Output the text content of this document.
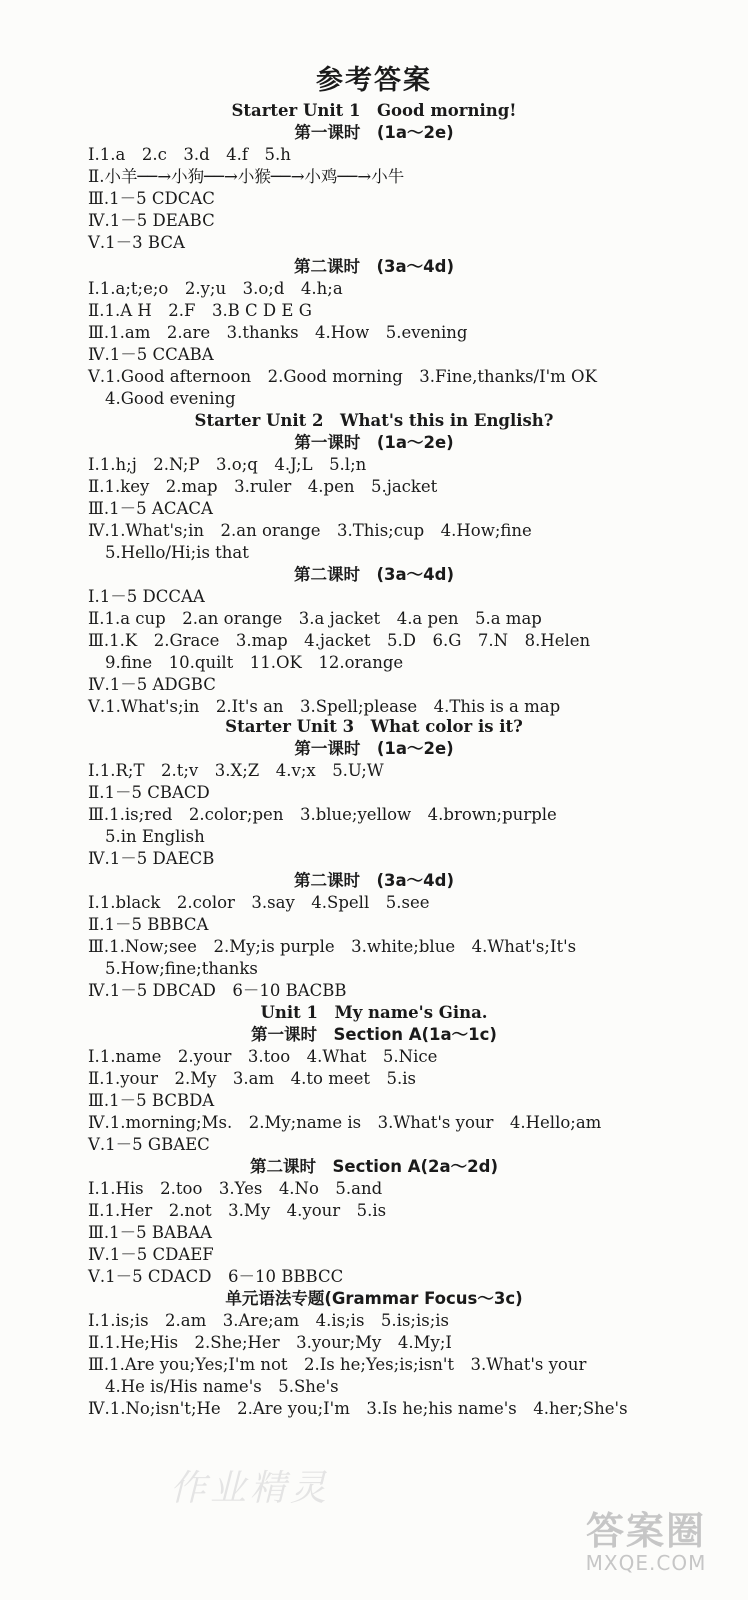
参考答案
Starter Unit 1　Good morning!
第一课时　(1a～2e)
Ⅰ.1.a　2.c　3.d　4.f　5.h
Ⅱ.小羊──→小狗──→小猴──→小鸡──→小牛
Ⅲ.1－5 CDCAC
Ⅳ.1－5 DEABC
Ⅴ.1－3 BCA
第二课时　(3a～4d)
Ⅰ.1.a;t;e;o　2.y;u　3.o;d　4.h;a
Ⅱ.1.A H　2.F　3.B C D E G
Ⅲ.1.am　2.are　3.thanks　4.How　5.evening
Ⅳ.1－5 CCABA
Ⅴ.1.Good afternoon　2.Good morning　3.Fine,thanks/I'm OK
4.Good evening
Starter Unit 2　What's this in English?
第一课时　(1a～2e)
Ⅰ.1.h;j　2.N;P　3.o;q　4.J;L　5.l;n
Ⅱ.1.key　2.map　3.ruler　4.pen　5.jacket
Ⅲ.1－5 ACACA
Ⅳ.1.What's;in　2.an orange　3.This;cup　4.How;fine
5.Hello/Hi;is that
第二课时　(3a～4d)
Ⅰ.1－5 DCCAA
Ⅱ.1.a cup　2.an orange　3.a jacket　4.a pen　5.a map
Ⅲ.1.K　2.Grace　3.map　4.jacket　5.D　6.G　7.N　8.Helen
9.fine　10.quilt　11.OK　12.orange
Ⅳ.1－5 ADGBC
Ⅴ.1.What's;in　2.It's an　3.Spell;please　4.This is a map
Starter Unit 3　What color is it?
第一课时　(1a～2e)
Ⅰ.1.R;T　2.t;v　3.X;Z　4.v;x　5.U;W
Ⅱ.1－5 CBACD
Ⅲ.1.is;red　2.color;pen　3.blue;yellow　4.brown;purple
5.in English
Ⅳ.1－5 DAECB
第二课时　(3a～4d)
Ⅰ.1.black　2.color　3.say　4.Spell　5.see
Ⅱ.1－5 BBBCA
Ⅲ.1.Now;see　2.My;is purple　3.white;blue　4.What's;It's
5.How;fine;thanks
Ⅳ.1－5 DBCAD　6－10 BACBB
Unit 1　My name's Gina.
第一课时　Section A(1a～1c)
Ⅰ.1.name　2.your　3.too　4.What　5.Nice
Ⅱ.1.your　2.My　3.am　4.to meet　5.is
Ⅲ.1－5 BCBDA
Ⅳ.1.morning;Ms.　2.My;name is　3.What's your　4.Hello;am
Ⅴ.1－5 GBAEC
第二课时　Section A(2a～2d)
Ⅰ.1.His　2.too　3.Yes　4.No　5.and
Ⅱ.1.Her　2.not　3.My　4.your　5.is
Ⅲ.1－5 BABAA
Ⅳ.1－5 CDAEF
Ⅴ.1－5 CDACD　6－10 BBBCC
单元语法专题(Grammar Focus～3c)
Ⅰ.1.is;is　2.am　3.Are;am　4.is;is　5.is;is;is
Ⅱ.1.He;His　2.She;Her　3.your;My　4.My;I
Ⅲ.1.Are you;Yes;I'm not　2.Is he;Yes;is;isn't　3.What's your
4.He is/His name's　5.She's
Ⅳ.1.No;isn't;He　2.Are you;I'm　3.Is he;his name's　4.her;She's
作业精灵
答案圈
MXQE.COM
